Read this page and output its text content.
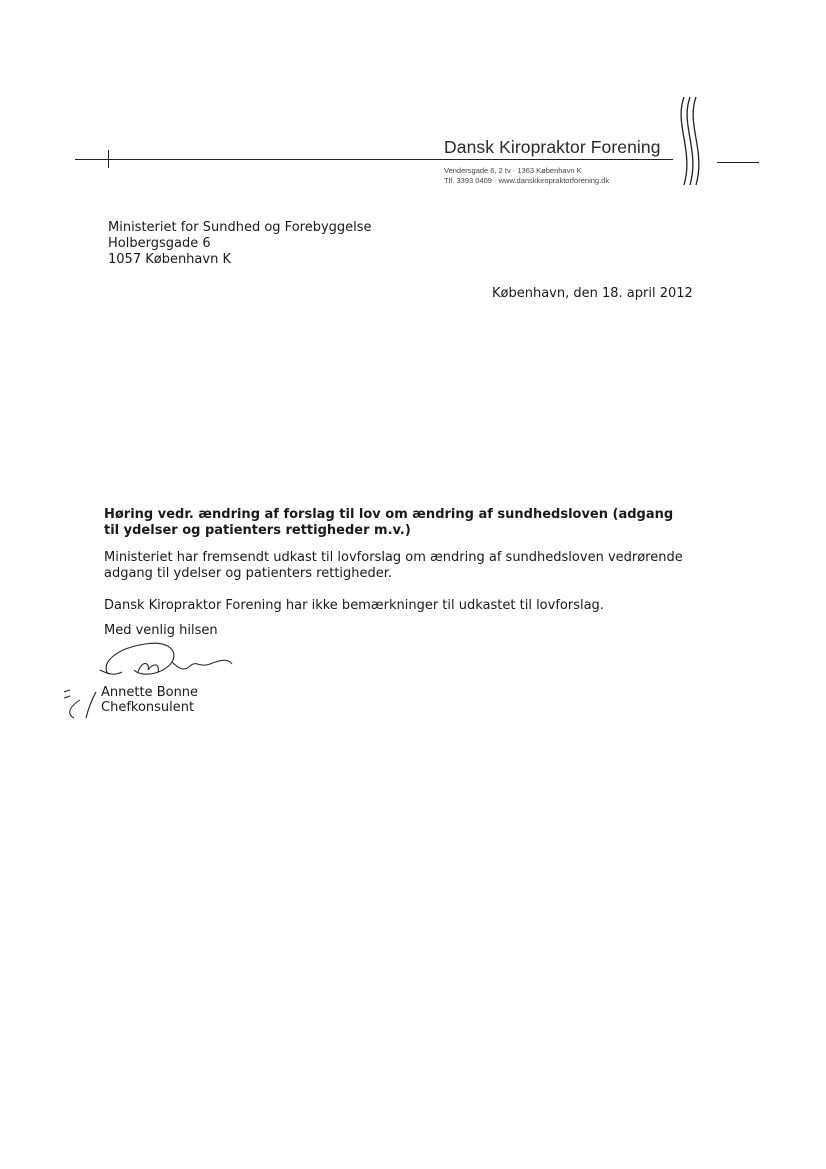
Dansk Kiropraktor Forening
Vendersgade 6, 2 tv · 1363 København K
Tlf. 3393 0409 · www.danskkiropraktorforening.dk
Ministeriet for Sundhed og Forebyggelse
Holbergsgade 6
1057 København K
København, den 18. april 2012
Høring vedr. ændring af forslag til lov om ændring af sundhedsloven (adgang til ydelser og patienters rettigheder m.v.)
Ministeriet har fremsendt udkast til lovforslag om ændring af sundhedsloven vedrørende adgang til ydelser og patienters rettigheder.
Dansk Kiropraktor Forening har ikke bemærkninger til udkastet til lovforslag.
Med venlig hilsen
Annette Bonne
Chefkonsulent
